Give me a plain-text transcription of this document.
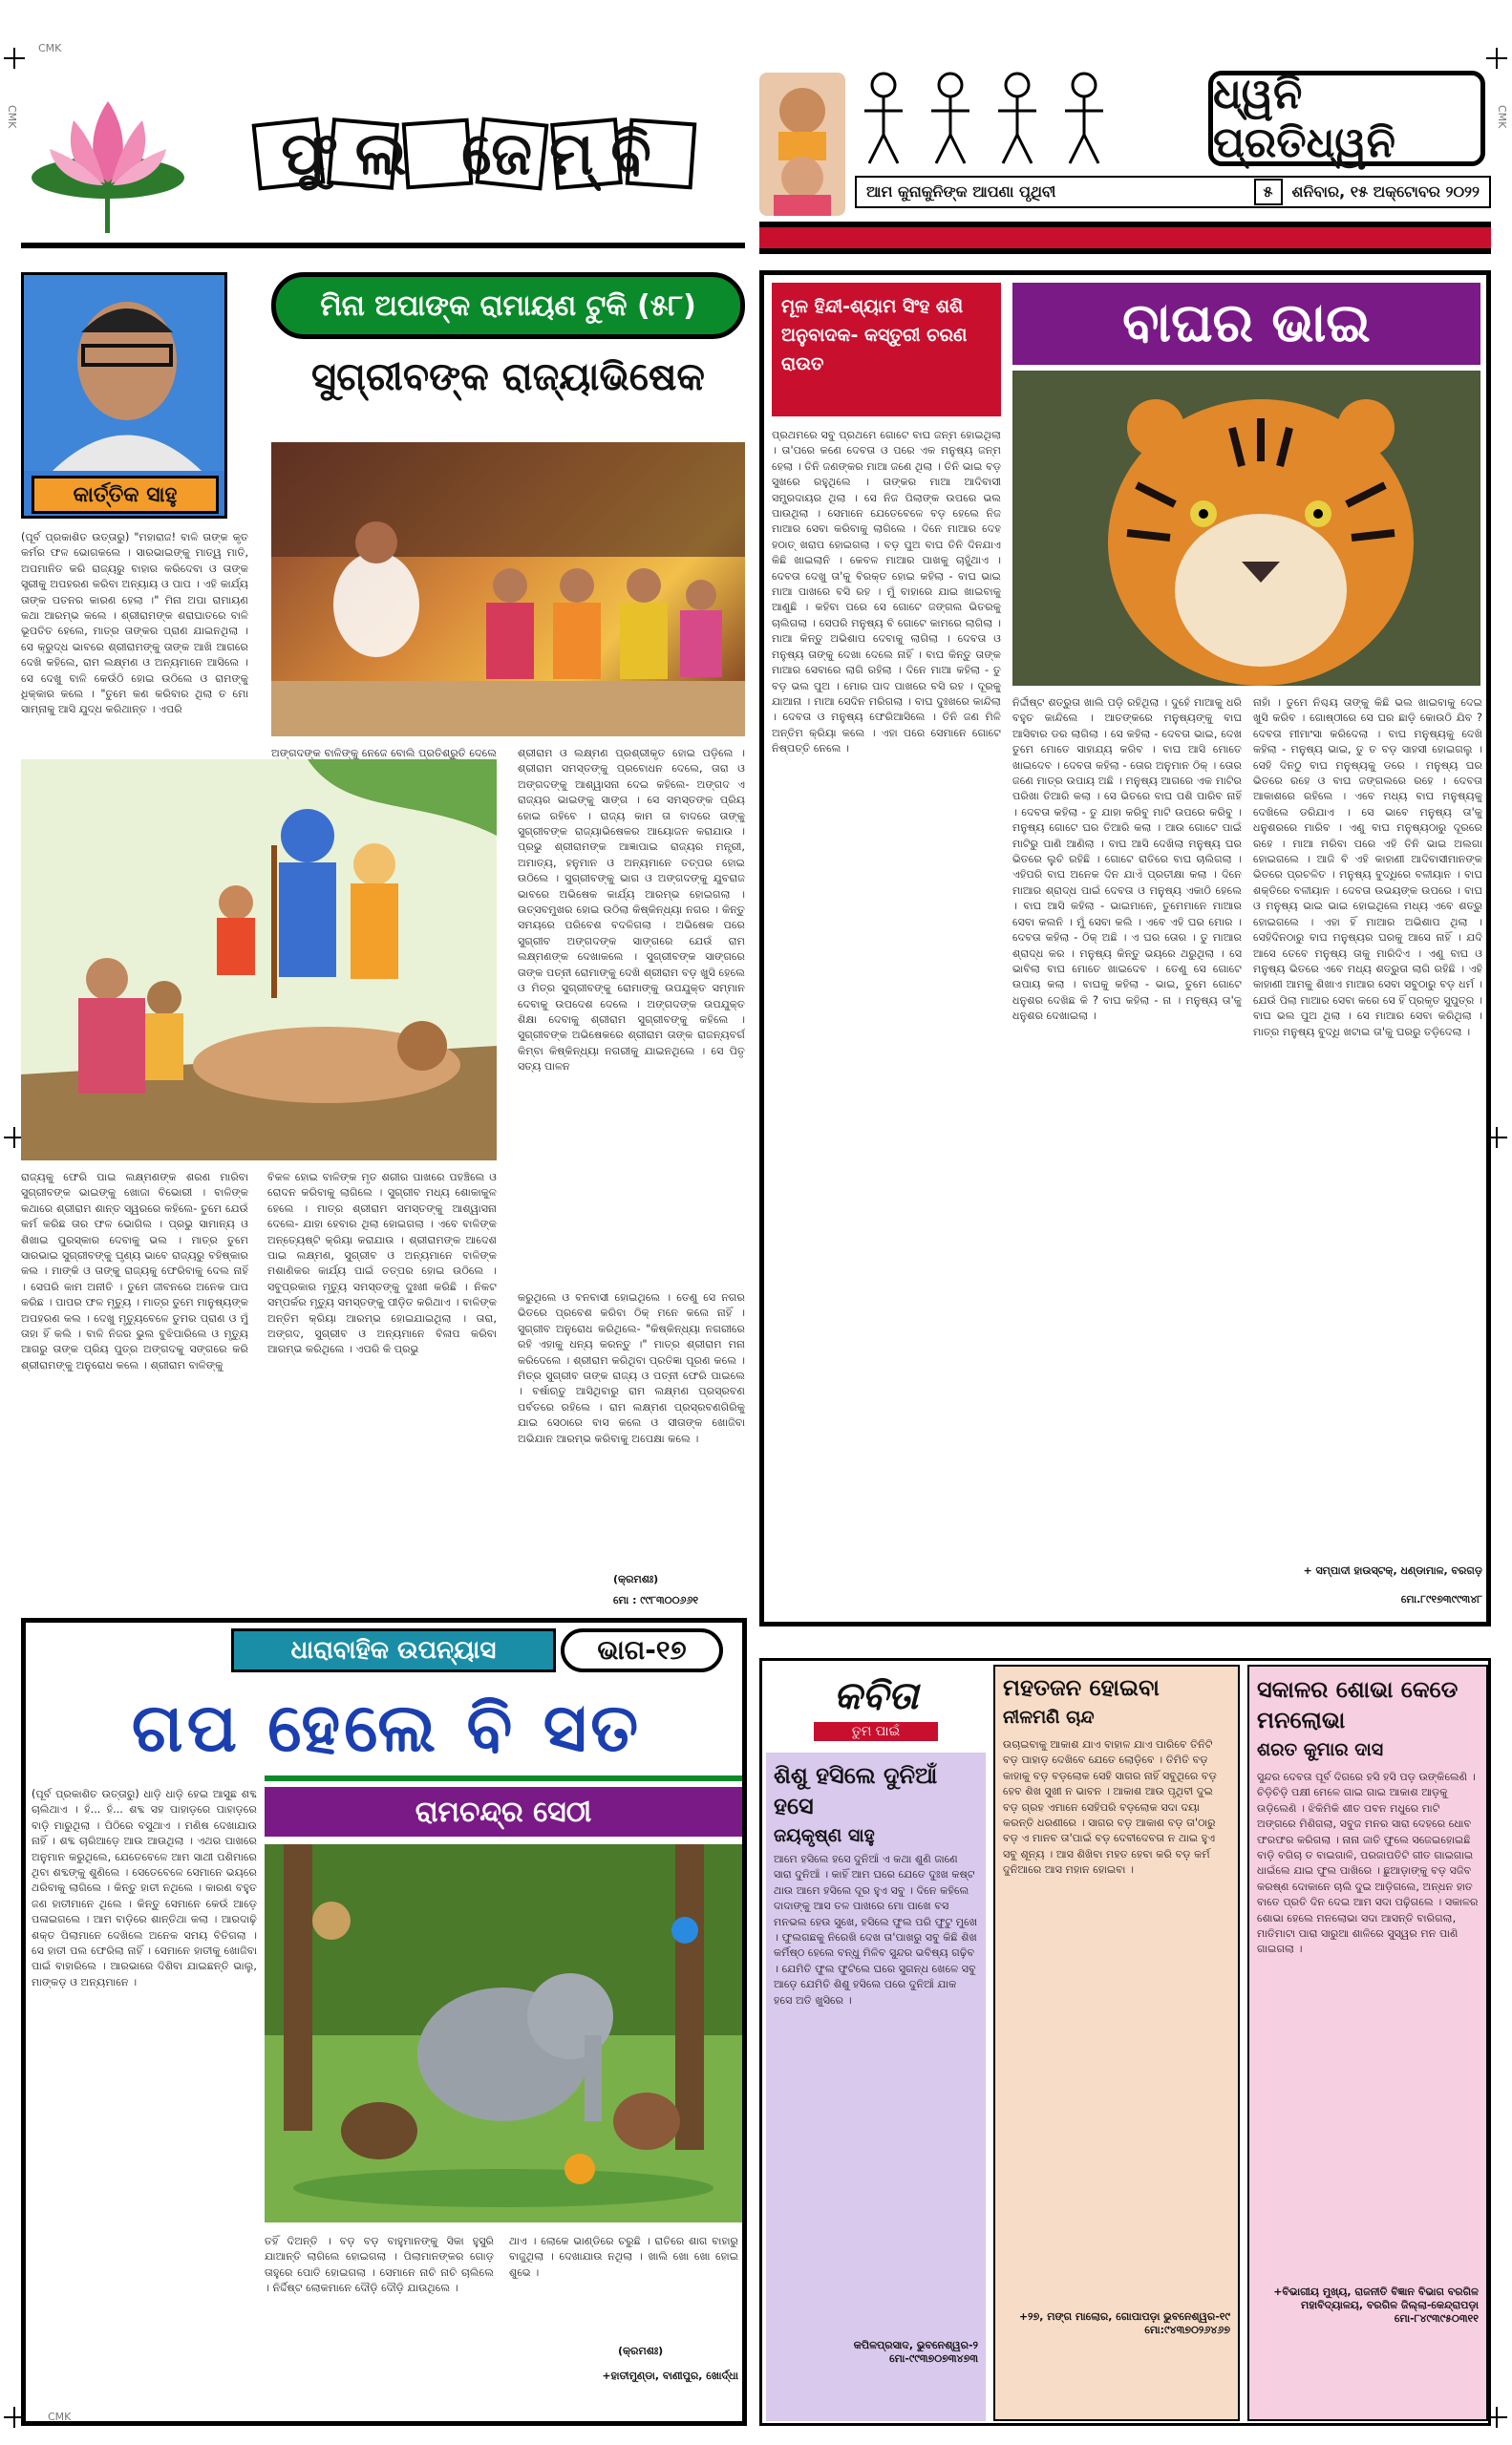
CMK
CMK	CMK
CMK
ଫୁଲ ଜେମ୍ବି
ଧ୍ୱନି ପ୍ରତିଧ୍ୱନି
ଆମ କୁନାକୁନିଙ୍କ ଆପଣା ପୃଥିବୀ	୫	ଶନିବାର, ୧୫ ଅକ୍ଟୋବର ୨୦୨୨
କାର୍ତ୍ତିକ ସାହୁ
ମିନା ଅପାଙ୍କ ରାମାୟଣ ଟୁକି (୫୮)
ସୁଗ୍ରୀବଙ୍କ ରାଜ୍ୟାଭିଷେକ
(ପୂର୍ବ ପ୍ରକାଶିତ ଉତ୍ତାରୁ) "ମହାରାଜ! ବାଳି ତାଙ୍କ କୃତ କର୍ମର ଫଳ ଭୋଗକଲେ । ସାରଭାଇଙ୍କୁ ମାତ୍ୱ ମାତି, ଅପମାନିତ କରି ରାଜ୍ୟରୁ ବାହାର କରିଦେବା ଓ ତାଙ୍କ ସ୍ତ୍ରୀକୁ ଅପହରଣ କରିବା ଅନ୍ୟାୟ ଓ ପାପ । ଏହି କାର୍ଯ୍ୟ ତାଙ୍କ ପତନର କାରଣ ହେଲା ।" ମିନା ଅପା ରାମାୟଣ କଥା ଆରମ୍ଭ କଲେ । ଶ୍ରୀରାମଙ୍କ ଶରାଘାତରେ ବାଳି ଭୂପତିତ ହେଲେ, ମାତ୍ର ତାଙ୍କର ପ୍ରାଣ ଯାଇନଥିଲା । ସେ କ୍ରୁଦ୍ଧ ଭାବରେ ଶ୍ରୀରାମଙ୍କୁ ତାଙ୍କ ଆଖି ଆଗରେ ଦେଖି କହିଲେ, ରାମ ଲକ୍ଷ୍ମଣ ଓ ଅନ୍ୟମାନେ ଆସିଲେ । ସେ ଦେଖୁ ବାଳି କେଉଁଠି ହୋଇ ଉଠିଲେ ଓ ରାମଙ୍କୁ ଧିକ୍କାର କଲେ । "ତୁମେ କଣ କରିବାର ଥିଲା ତ ମୋ ସାମ୍ନାକୁ ଆସି ଯୁଦ୍ଧ କରିଥାନ୍ତ । ଏପରି
ଅଙ୍ଗଦଙ୍କ ବାଳିଙ୍କୁ ନେଜେ ବୋଲି ପ୍ରତିଶ୍ରୁତି ଦେଲେ ଶ୍ରୀରାମ ଓ ଲକ୍ଷ୍ମଣ ପ୍ରଶ୍ରୀକୃତ ହୋଇ ପଡ଼ିଲେ । ଶ୍ରୀରାମ ସମସ୍ତଙ୍କୁ ପ୍ରବୋଧନ ଦେଲେ, ତାରା ଓ ଅଙ୍ଗଦଙ୍କୁ ଆଶ୍ୱାସନା ଦେଇ କହିଲେ- ଅଙ୍ଗଦ ଏ ରାଜ୍ୟର ଭାଇଙ୍କୁ ସାଙ୍ଗ । ସେ ସମସ୍ତଙ୍କ ପ୍ରିୟ ହୋଇ ରହିବେ । ରାଜ୍ୟ କାମ ତା ବାଦରେ ତାଙ୍କୁ ସୁଗ୍ରୀବଙ୍କ ରାଜ୍ୟାଭିଷେକର ଆୟୋଜନ କରାଯାଉ । ପ୍ରଭୁ ଶ୍ରୀରାମଙ୍କ ଆଜ୍ଞାପାଇ ରାଜ୍ୟର ମନ୍ତ୍ରୀ, ଅମାତ୍ୟ, ହନୁମାନ ଓ ଅନ୍ୟମାନେ ତତ୍ପର ହୋଇ ଉଠିଲେ । ସୁଗ୍ରୀବଙ୍କୁ ଭାଗ ଓ ଅଙ୍ଗଦଙ୍କୁ ଯୁବରାଜ ଭାବରେ ଅଭିଷେକ କାର୍ଯ୍ୟ ଆରମ୍ଭ ହୋଇଗଲା । ଉତ୍ସବମୁଖର ହୋଇ ଉଠିଲା କିଷ୍କିନ୍ଧ୍ୟା ନଗର । କିନ୍ତୁ ସମୟରେ ପରିବେଶ ବଦଳିଗଲା । ଅଭିଷେକ ପରେ ସୁଗ୍ରୀବ ଅଙ୍ଗଦଙ୍କ ସାଙ୍ଗରେ ଯେଉଁ ରାମ ଲକ୍ଷ୍ମଣଙ୍କ ଦେଖାକଲେ । ସୁଗ୍ରୀବଙ୍କ ସାଙ୍ଗରେ ତାଙ୍କ ପତ୍ନୀ ରୋମାଙ୍କୁ ଦେଖି ଶ୍ରୀରାମ ବଡ଼ ଖୁସି ହେଲେ ଓ ମିତ୍ର ସୁଗ୍ରୀବଙ୍କୁ ରୋମାଙ୍କୁ ଉପଯୁକ୍ତ ସମ୍ମାନ ଦେବାକୁ ଉପଦେଶ ଦେଲେ । ଅଙ୍ଗଦଙ୍କ ଉପଯୁକ୍ତ ଶିକ୍ଷା ଦେବାକୁ ଶ୍ରୀରାମ ସୁଗ୍ରୀବଙ୍କୁ କହିଲେ । ସୁଗ୍ରୀବଙ୍କ ଅଭିଷେକରେ ଶ୍ରୀରାମ ତାଙ୍କ ରାଜନ୍ୟବର୍ଗ କିମ୍ବା କିଷ୍କିନ୍ଧ୍ୟା ନଗରୀକୁ ଯାଇନଥିଲେ । ସେ ପିତୃ ସତ୍ୟ ପାଳନ
ରାଜ୍ୟକୁ ଫେରି ପାଇ ଲକ୍ଷ୍ମଣଙ୍କ ଶରଣ ମାରିବା ସୁଗ୍ରୀବଙ୍କ ଭାଇଙ୍କୁ ଖୋଜା ବିଭୋରୀ । ବାଳିଙ୍କ କଥାରେ ଶ୍ରୀରାମ ଶାନ୍ତ ସ୍ୱରରେ କହିଲେ- ତୁମେ ଯେଉଁ କର୍ମ କରିଛ ତାର ଫଳ ଭୋଗିଲ । ପ୍ରଭୁ ସାମାନ୍ୟ ଓ ଶିଖାଇ ପୁରସ୍କାର ଦେବାକୁ ଭଲ । ମାତ୍ର ତୁମେ ସାରଭାଇ ସୁଗ୍ରୀବଙ୍କୁ ଘୃଣ୍ୟ ଭାବେ ରାଜ୍ୟରୁ ବହିଷ୍କାର କଲ । ମାଙ୍କି ଓ ତାଙ୍କୁ ରାଜ୍ୟକୁ ଫେରିବାକୁ ଦେଲ ନାହିଁ । ସେପରି କାମ ଅନୀତି । ତୁମେ ଜୀବନରେ ଅନେକ ପାପ କରିଛ । ପାପର ଫଳ ମୃତ୍ୟୁ । ମାତ୍ର ତୁମେ ମାନୁଷ୍ୟଙ୍କ ଅପହରଣ କଲ । ଦେଖୁ ମୃତ୍ୟୁବେଳେ ତୁମର ପ୍ରାଣ ଓ ମୁଁ ତାହା ହିଁ କଲି । ବାଳି ନିଜର ଭୁଲ ବୁଝିପାରିଲେ ଓ ମୃତ୍ୟୁ ଆଗରୁ ତାଙ୍କ ପ୍ରିୟ ପୁତ୍ର ଅଙ୍ଗଦକୁ ସଙ୍ଗରେ କରି ଶ୍ରୀରାମଙ୍କୁ ଅନୁରୋଧ କଲେ । ଶ୍ରୀରାମ ବାଳିଙ୍କୁ
ବିକଳ ହୋଇ ବାଳିଙ୍କ ମୃତ ଶରୀର ପାଖରେ ପହଞ୍ଚିଲେ ଓ ରୋଦନ କରିବାକୁ ଲାଗିଲେ । ସୁଗ୍ରୀବ ମଧ୍ୟ ଶୋକାକୁଳ ହେଲେ । ମାତ୍ର ଶ୍ରୀରାମ ସମସ୍ତଙ୍କୁ ଆଶ୍ୱାସନା ଦେଲେ- ଯାହା ହେବାର ଥିଲା ହୋଇଗଲା । ଏବେ ବାଳିଙ୍କ ଅନ୍ତ୍ୟେଷ୍ଟି କ୍ରିୟା କରାଯାଉ । ଶ୍ରୀରାମଙ୍କ ଆଦେଶ ପାଇ ଲକ୍ଷ୍ମଣ, ସୁଗ୍ରୀବ ଓ ଅନ୍ୟମାନେ ବାଳିଙ୍କ ମଶାଣିକର କାର୍ଯ୍ୟ ପାଇଁ ତତ୍ପର ହୋଇ ଉଠିଲେ । ସବୁପ୍ରକାର ମୃତ୍ୟୁ ସମସ୍ତଙ୍କୁ ଦୁଃଖୀ କରିଛି । ନିକଟ ସମ୍ପର୍କର ମୃତ୍ୟୁ ସମସ୍ତଙ୍କୁ ପୀଡ଼ିତ କରିଥାଏ । ବାଳିଙ୍କ ଅନ୍ତିମ କ୍ରିୟା ଆରମ୍ଭ ହୋଇଯାଇଥିଲା । ତାରା, ଅଙ୍ଗଦ, ସୁଗ୍ରୀବ ଓ ଅନ୍ୟମାନେ ବିଳାପ କରିବା ଆରମ୍ଭ କରିଥିଲେ । ଏପରି କି ପ୍ରଭୁ
କରୁଥିଲେ ଓ ବନବାସୀ ହୋଇଥିଲେ । ତେଣୁ ସେ ନଗର ଭିତରେ ପ୍ରବେଶ କରିବା ଠିକ୍ ମନେ କଲେ ନାହିଁ । ସୁଗ୍ରୀବ ଅନୁରୋଧ କରିଥିଲେ- "କିଷ୍କିନ୍ଧ୍ୟା ନଗରୀରେ ରହି ଏହାକୁ ଧନ୍ୟ କରନ୍ତୁ ।" ମାତ୍ର ଶ୍ରୀରାମ ମନା କରିଦେଲେ । ଶ୍ରୀରାମ କରିଥିବା ପ୍ରତିଜ୍ଞା ପୂରଣ କଲେ । ମିତ୍ର ସୁଗ୍ରୀବ ତାଙ୍କ ରାଜ୍ୟ ଓ ପତ୍ନୀ ଫେରି ପାଇଲେ । ବର୍ଷାଋତୁ ଆସିଥିବାରୁ ରାମ ଲକ୍ଷ୍ମଣ ପ୍ରସ୍ରବଣ ପର୍ବତରେ ରହିଲେ । ରାମ ଲକ୍ଷ୍ମଣ ପ୍ରସ୍ରବଣଗିରିକୁ ଯାଇ ସେଠାରେ ବାସ କଲେ ଓ ସୀତାଙ୍କ ଖୋଜିବା ଅଭିଯାନ ଆରମ୍ଭ କରିବାକୁ ଅପେକ୍ଷା କଲେ ।
(କ୍ରମଶଃ)
ମୋ : ୯୯୮୩୦୦୬୬୧
ମୂଳ ହିନ୍ଦୀ-ଶ୍ୟାମ ସିଂହ ଶଶି ଅନୁବାଦକ- କସ୍ତୁରୀ ଚରଣ ରାଉତ
ବାଘର ଭାଇ
ପ୍ରଥମରେ ସବୁ ପ୍ରଥମେ ଗୋଟେ ବାଘ ଜନ୍ମ ହୋଇଥିଲା । ତା'ପରେ କଣେ ଦେବତା ଓ ପରେ ଏକ ମନୁଷ୍ୟ ଜନ୍ମ ହେଲା । ତିନି ଜଣଙ୍କର ମାଆ ଜଣେ ଥିଲା । ତିନି ଭାଇ ବଡ଼ ସୁଖରେ ରହୁଥିଲେ । ତାଙ୍କର ମାଆ ଆଦିବାସୀ ସମ୍ପ୍ରଦାୟର ଥିଲା । ସେ ନିଜ ପିଲାଙ୍କ ଉପରେ ଭଲ ପାଉଥିଲା । ସେମାନେ ଯେତେବେଳେ ବଡ଼ ହେଲେ ନିଜ ମାଆର ସେବା କରିବାକୁ ଲାଗିଲେ । ଦିନେ ମାଆର ଦେହ ହଠାତ୍ ଖରାପ ହୋଇଗଲା । ବଡ଼ ପୁଅ ବାଘ ତିନି ଦିନଯାଏ କିଛି ଖାଇଲାନି । କେବଳ ମାଆର ପାଖକୁ ଚାହୁଁଥାଏ । ଦେବତା ଦେଖୁ ତା'କୁ ବିରକ୍ତ ହୋଇ କହିଲା - ବାଘ ଭାଇ ମାଆ ପାଖରେ ବସି ରହ । ମୁଁ ବାହାରେ ଯାଇ ଖାଇବାକୁ ଆଣୁଛି । କହିବା ପରେ ସେ ଗୋଟେ ଜଙ୍ଗଲ ଭିତରକୁ ଚାଲିଗଲା । ସେପରି ମନୁଷ୍ୟ ବି ଗୋଟେ କାମରେ ଲାଗିଲା । ମାଆ କିନ୍ତୁ ଅଭିଶାପ ଦେବାକୁ ଲାଗିଲା । ଦେବତା ଓ ମନୁଷ୍ୟ ତାଙ୍କୁ ଦେଖା ଦେଲେ ନାହିଁ । ବାଘ କିନ୍ତୁ ତାଙ୍କ ମାଆର ସେବାରେ ଲାଗି ରହିଲା । ଦିନେ ମାଆ କହିଲା - ତୁ ବଡ଼ ଭଲ ପୁଅ । ମୋର ପାଦ ପାଖରେ ବସି ରହ । ଦୂରକୁ ଯାଆନା । ମାଆ ସେଦିନ ମରିଗଲା । ବାଘ ଦୁଃଖରେ କାନ୍ଦିଲା । ଦେବତା ଓ ମନୁଷ୍ୟ ଫେରିଆସିଲେ । ତିନି ଜଣ ମିଳି ଅନ୍ତିମ କ୍ରିୟା କଲେ । ଏହା ପରେ ସେମାନେ ଗୋଟେ ନିଷ୍ପତ୍ତି ନେଲେ ।
ନିର୍ଦ୍ଦୀଷ୍ଟ ଶତ୍ରୁତା ଖାଲି ପଡ଼ି ରହିଥିଲା । ଦୁହେଁ ମାଆକୁ ଧରି ବହୁତ କାନ୍ଦିଲେ । ଆତଙ୍କରେ ମନୁଷ୍ୟଙ୍କୁ ବାଘ ଆସିବାର ଡର ଲାଗିଲା । ସେ କହିଲା - ଦେବତା ଭାଇ, ଦେଖ ତୁମେ ମୋତେ ସାହାଯ୍ୟ କରିବ । ବାଘ ଆସି ମୋତେ ଖାଇଦେବ । ଦେବତା କହିଲା - ତୋର ଅନୁମାନ ଠିକ୍ । ତୋର ଜଣେ ମାତ୍ର ଉପାୟ ଅଛି । ମନୁଷ୍ୟ ଆଗରେ ଏକ ମାଟିର ପରିଖା ତିଆରି କଲା । ସେ ଭିତରେ ବାଘ ପଶି ପାରିବ ନାହିଁ । ଦେବତା କହିଲା - ତୁ ଯାହା କରିବୁ ମାଟି ଉପରେ କରିବୁ । ମନୁଷ୍ୟ ଗୋଟେ ଘର ତିଆରି କଲା । ଆଉ ଗୋଟେ ପାଇଁ ମାଟିରୁ ପାଣି ଆଣିଲା । ବାଘ ଆସି ଦେଖିଲା ମନୁଷ୍ୟ ଘର ଭିତରେ ଲୁଚି ରହିଛି । ଗୋଟେ ରାତିରେ ବାଘ ଚାଲିଗଲା । ଏହିପରି ବାଘ ଅନେକ ଦିନ ଯାଏଁ ପ୍ରତୀକ୍ଷା କଲା । ଦିନେ ମାଆର ଶ୍ରାଦ୍ଧ ପାଇଁ ଦେବତା ଓ ମନୁଷ୍ୟ ଏକାଠି ହେଲେ । ବାଘ ଆସି କହିଲା - ଭାଇମାନେ, ତୁମେମାନେ ମାଆର ସେବା କଲନି । ମୁଁ ସେବା କଲି । ଏବେ ଏହି ଘର ମୋର । ଦେବତା କହିଲା - ଠିକ୍ ଅଛି । ଏ ଘର ତୋର । ତୁ ମାଆର ଶ୍ରାଦ୍ଧ କର । ମନୁଷ୍ୟ କିନ୍ତୁ ଭୟରେ ଥରୁଥିଲା । ସେ ଭାବିଲା ବାଘ ମୋତେ ଖାଇଦେବ । ତେଣୁ ସେ ଗୋଟେ ଉପାୟ କଲା । ବାଘକୁ କହିଲା - ଭାଇ, ତୁମେ ଗୋଟେ ଧନୁଶର ଦେଖିଛ କି ? ବାଘ କହିଲା - ନା । ମନୁଷ୍ୟ ତା'କୁ ଧନୁଶର ଦେଖାଇଲା ।
ନାହାଁ । ତୁମେ ନିଶ୍ଚୟ ତାଙ୍କୁ କିଛି ଭଲ ଖାଇବାକୁ ଦେଇ ଖୁସି କରିବ । ଗୋଷ୍ଠୀରେ ସେ ଘର ଛାଡ଼ି କୋଉଠି ଯିବ ? ଦେବତା ମୀମାଂସା କରିଦେଲା । ବାଘ ମନୁଷ୍ୟକୁ ଦେଖି କହିଲା - ମନୁଷ୍ୟ ଭାଇ, ତୁ ତ ବଡ଼ ସାହସୀ ହୋଇଗଲୁ । ସେହି ଦିନଠୁ ବାଘ ମନୁଷ୍ୟକୁ ଡରେ । ମନୁଷ୍ୟ ଘର ଭିତରେ ରହେ ଓ ବାଘ ଜଙ୍ଗଲରେ ରହେ । ଦେବତା ଆକାଶରେ ରହିଲେ । ଏବେ ମଧ୍ୟ ବାଘ ମନୁଷ୍ୟକୁ ଦେଖିଲେ ଡରିଯାଏ । ସେ ଭାବେ ମନୁଷ୍ୟ ତା'କୁ ଧନୁଶରରେ ମାରିବ । ଏଣୁ ବାଘ ମନୁଷ୍ୟଠାରୁ ଦୂରରେ ରହେ । ମାଆ ମରିବା ପରେ ଏହି ତିନି ଭାଇ ଅଲଗା ହୋଇଗଲେ । ଆଜି ବି ଏହି କାହାଣୀ ଆଦିବାସୀମାନଙ୍କ ଭିତରେ ପ୍ରଚଳିତ । ମନୁଷ୍ୟ ବୁଦ୍ଧିରେ ବଳୀୟାନ । ବାଘ ଶକ୍ତିରେ ବଳୀୟାନ । ଦେବତା ଉଭୟଙ୍କ ଉପରେ । ବାଘ ଓ ମନୁଷ୍ୟ ଭାଇ ଭାଇ ହୋଇଥିଲେ ମଧ୍ୟ ଏବେ ଶତ୍ରୁ ହୋଇଗଲେ । ଏହା ହିଁ ମାଆର ଅଭିଶାପ ଥିଲା । ସେହିଦିନଠାରୁ ବାଘ ମନୁଷ୍ୟର ଘରକୁ ଆସେ ନାହିଁ । ଯଦି ଆସେ ତେବେ ମନୁଷ୍ୟ ତାକୁ ମାରିଦିଏ । ଏଣୁ ବାଘ ଓ ମନୁଷ୍ୟ ଭିତରେ ଏବେ ମଧ୍ୟ ଶତ୍ରୁତା ଲାଗି ରହିଛି । ଏହି କାହାଣୀ ଆମକୁ ଶିଖାଏ ମାଆର ସେବା ସବୁଠାରୁ ବଡ଼ ଧର୍ମ । ଯେଉଁ ପିଲା ମାଆର ସେବା କରେ ସେ ହିଁ ପ୍ରକୃତ ସୁପୁତ୍ର । ବାଘ ଭଲ ପୁଅ ଥିଲା । ସେ ମାଆର ସେବା କରିଥିଲା । ମାତ୍ର ମନୁଷ୍ୟ ବୁଦ୍ଧି ଖଟାଇ ତା'କୁ ଘରରୁ ତଡ଼ିଦେଲା ।
+ ସମ୍ପାଦୀ ହାଉସ୍ଟକ୍, ଧଣ୍ଡାମାଳ, ବରଗଡ଼
ମୋ.୮୯୧୭୩୯୯୩୪୮
ଧାରାବାହିକ ଉପନ୍ୟାସ	ଭାଗ-୧୭
ଗପ ହେଲେ ବି ସତ
ରାମଚନ୍ଦ୍ର ସେଠୀ
(ପୂର୍ବ ପ୍ରକାଶିତ ଉତ୍ତାରୁ) ଧାଡ଼ି ଧାଡ଼ି ହେଇ ଆସୁଛ ଶବ୍ଦ ଚାଲିଥାଏ । ହଁ... ହଁ... ଶବ୍ଦ ସହ ପାହାଡ଼ରେ ପାହାଡ଼ରେ ବାଡ଼ି ମାରୁଥିଲା । ପିଠିରେ ବସୁଥାଏ । ମଣିଷ ଦେଖାଯାଉ ନାହିଁ । ଶବ୍ଦ ଚାରିଆଡ଼େ ଆଉ ଆଉଥିଲା । ଏଥର ପାଖରେ ଅନୁମାନ କରୁଥିଲେ, ଯେତେବେଳେ ଆମ ସାଥୀ ପଶିମାରେ ଥିବା ଶବ୍ଦଙ୍କୁ ଶୁଣିଲେ । ସେତେବେଳେ ସେମାନେ ଭୟରେ ଥରିବାକୁ ଲାଗିଲେ । କିନ୍ତୁ ହାତୀ ନଥିଲେ । କାରଣ ବହୁତ ଜଣ ହାତୀମାନେ ଥିଲେ । କିନ୍ତୁ ସେମାନେ କେଉଁ ଆଡ଼େ ପଳାଇଗଲେ । ଆମ ବାଡ଼ିରେ ଶାନ୍ତିଥା କଲା । ଆରଦାଢ଼ି ଶକ୍ତ ପିଲାମାନେ ଦେଖିଲେ ଅନେକ ସମୟ ବିତିଗଲା । ସେ ହାତୀ ପଲ ଫେରିଲା ନାହିଁ । ସେମାନେ ହାତୀକୁ ଖୋଜିବା ପାଇଁ ବାହାରିଲେ । ଆରଭାରେ ଦିଶିବା ଯାଇଛନ୍ତି ଭାଲୁ, ମାଙ୍କଡ଼ ଓ ଅନ୍ୟମାନେ ।
ତହିଁ ଦିଅନ୍ତି । ବଡ଼ ବଡ଼ ବାହୁମାନଙ୍କୁ ସିକା ହୁସୁରି ଯାଆନ୍ତି ଲାଗିଲେ ହୋଇଗଲା । ପିଲାମାନଙ୍କର ଗୋଡ଼ ତାହୁରେ ପୋତି ହୋଇଗଲା । ସେମାନେ ନାଚି ନାଚି ଚାଲିଲେ । ନିର୍ଦ୍ଦିଷ୍ଟ ଲୋକମାନେ ଦୌଡ଼ି ଦୌଡ଼ି ଯାଉଥିଲେ ।
ଥାଏ । ଲୋକେ ଭାଣ୍ଡିରେ ଚରୁଛି । ରାତିରେ ଶାଗ ବାହାରୁ ବାଜୁଥିଲା । ଦେଖାଯାଉ ନଥିଲା । ଖାଲି ଖୋ ଖୋ ହୋଇ ଶୁଭେ ।
(କ୍ରମଶଃ)
+ହାତୀମୁଣ୍ଡା, ବାଣୀପୁର, ଖୋର୍ଦ୍ଧା
କବିତା
ତୁମ ପାଇଁ
ଶିଶୁ ହସିଲେ ଦୁନିଆଁ ହସେ
ଜୟକୃଷ୍ଣ ସାହୁ
ଆମେ ହସିଲେ ହସେ ଦୁନିଆଁ ଏ କଥା ଶୁଣି ଜାଣେ ସାରା ଦୁନିଆଁ । କାହିଁ ଆମ ଘରେ ଯେତେ ଦୁଃଖ କଷ୍ଟ ଥାଉ ଆମେ ହସିଲେ ଦୂର ହୁଏ ସବୁ । ଦିନେ କହିଲେ ଦାଦାଙ୍କୁ ଆସ ତଳ ପାଖରେ ମୋ ପାଖେ ବସ ମନଭଲ ହେଉ ସୁଖେ, ହସିଲେ ଫୁଲ ପରି ଫୁଟୁ ମୁଖେ । ଫୁଲଗଛକୁ ନିରେଖି ଦେଖ ତା'ପାଖରୁ ସବୁ କିଛି ଶିଖ କର୍ମିଷ୍ଠ ହେଲେ ବନ୍ଧୁ ମିଳିବ ସୁନ୍ଦର ଭବିଷ୍ୟ ଗଢ଼ିବ । ଯେମିତି ଫୁଲ ଫୁଟିଲେ ଘରେ ସୁଗନ୍ଧ ଖେଳେ ସବୁ ଆଡ଼େ ଯେମିତି ଶିଶୁ ହସିଲେ ପରେ ଦୁନିଆଁ ଯାକ ହସେ ଅତି ଖୁସିରେ ।
କପିଳପ୍ରସାଦ, ଭୁବନେଶ୍ୱର-୨
ମୋ-୯୯୩୭୦୭୩୪୭୩
ମହତଜନ ହୋଇବା
ନୀଳମଣି ଚାନ୍ଦ
ଉଚାଇବାକୁ ଆକାଶ ଯାଏ ବାହାଳ ଯାଏ ପାରିବେ ତିନିଟି ବଡ଼ ପାହାଡ଼ ଦେଖିବେ ଯେତେ ଲୋଡ଼ିବେ । ତିମିତି ବଡ଼ କାହାକୁ ବଡ଼ ବଡ଼ଲୋକ ସେହି ସାଗର ନାହିଁ ସବୁଥିରେ ବଡ଼ ହେବ ଶିଖ ସୁଖୀ ନ ଭାବନ । ଆକାଶ ଆଉ ପୃଥିବୀ ଦୁଇ ବଡ଼ ଗ୍ରହ ଏମାନେ ସେହିପରି ବଡ଼ଲୋକ ସଦା ଦୟା କରନ୍ତି ଧରଣୀରେ । ସାଗର ବଡ଼ ଆକାଶ ବଡ଼ ତା'ଠାରୁ ବଡ଼ ଏ ମାନବ ତା'ପାଇଁ ବଡ଼ ଦେବୀଦେବତା ନ ଥାଇ ହୁଏ ସବୁ ଶୂନ୍ୟ । ଆସ ଶିଖିବା ମହତ ହେବା କରି ବଡ଼ କର୍ମ ଦୁନିଆରେ ଆସ ମହାନ ହୋଇବା ।
+୨୭, ମଙ୍ଗ ମାଲୋର, ଗୋପାପଡ଼ା ଭୁବନେଶ୍ୱର-୧୯
ମୋ:୯୪୩୭୦୨୬୪୬୭
ସକାଳର ଶୋଭା କେଡେ ମନଲୋଭା
ଶରତ କୁମାର ଦାସ
ସୁନ୍ଦର ଦେବତା ପୂର୍ବ ଦିଗରେ ହସି ହସି ପଡ଼ ଉଙ୍କିଲେଣି । ଚିଡ଼ିଚିଡ଼ି ପକ୍ଷୀ ମେଳେ ଗାଇ ଗାଇ ଆକାଶ ଆଡ଼କୁ ଉଡ଼ିଲେଣି । ଝିକିମିକି ଶୀତ ପବନ ମଧୁରେ ମାଟି ଅଙ୍ଗରେ ମିଶିଗଲା, ସବୁଜ ମନର ସାରା ଦେହରେ ଧୋବ ଫରଫର କରିଗଲା । ନାନା ଜାତି ଫୁଲେ ସଜେଇହୋଇଛି ବାଡ଼ି ବଗିଚା ତ ବାଇଗାଳି, ପରଜାପତିଟି ଗୀତ ଗାଇଗାଇ ଧାଇଁଲେ ଯାଇ ଫୁଲ ପାଖିରେ । ଛୁଆଡ଼ାଙ୍କୁ ବଡ଼ ସଜିବ କରଷ୍ଣ ଦୋକାନେ ଚାଲି ଦୁଇ ଆଡ଼ିଗଲେ, ଅନ୍ଧନ ହାତ ବାତେ ପ୍ରତି ଦିନ ଦେଇ ଆମ ସଦା ପଢ଼ିଗଲେ । ସକାଳର ଶୋଭା ହେଲେ ମନଲୋଭା ସଦା ଆସନ୍ତି ବାରିଗଲା, ମାତିମାଟା ପାରା ସାରୁଆ ଶାଳିରେ ସୁସ୍ୱର ମନ ପାଣି ଗାଇଗଲା ।
+ବିଭାଗୀୟ ମୁଖ୍ୟ, ରାଜନୀତି ବିଜ୍ଞାନ ବିଭାଗ ବରଗିଳ ମହାବିଦ୍ୟାଳୟ, ବରଗିଳ ଜିଲ୍ଲା-କେନ୍ଦ୍ରାପଡ଼ା
ମୋ-୮୪୯୩୯୫୦୩୧୧
